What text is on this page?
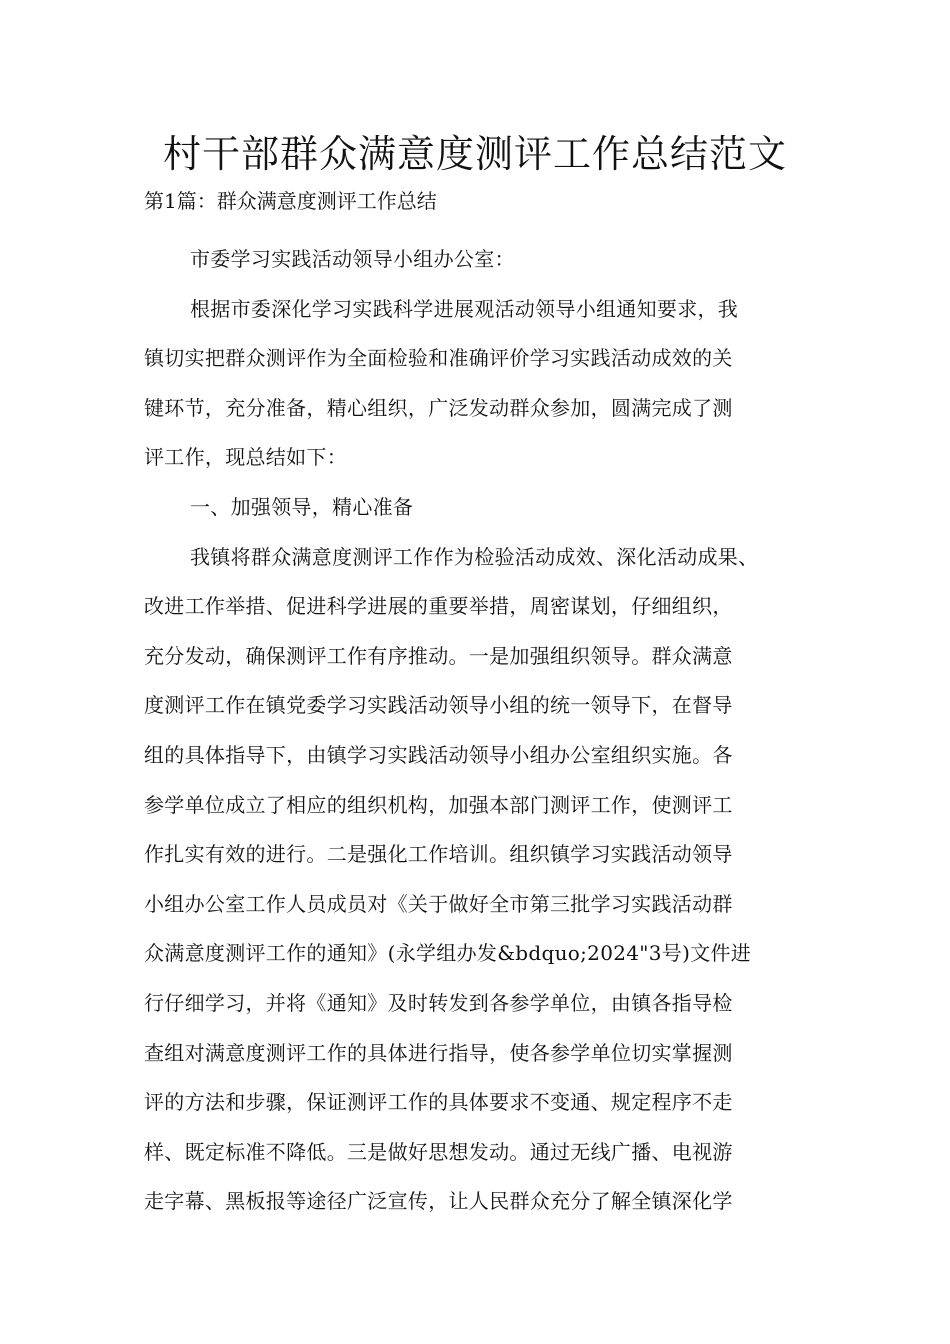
村干部群众满意度测评工作总结范文

第1篇：群众满意度测评工作总结

市委学习实践活动领导小组办公室：
根据市委深化学习实践科学进展观活动领导小组通知要求，我
镇切实把群众测评作为全面检验和准确评价学习实践活动成效的关
键环节，充分准备，精心组织，广泛发动群众参加，圆满完成了测
评工作，现总结如下：
一、加强领导，精心准备
我镇将群众满意度测评工作作为检验活动成效、深化活动成果、
改进工作举措、促进科学进展的重要举措，周密谋划，仔细组织，
充分发动，确保测评工作有序推动。一是加强组织领导。群众满意
度测评工作在镇党委学习实践活动领导小组的统一领导下，在督导
组的具体指导下，由镇学习实践活动领导小组办公室组织实施。各
参学单位成立了相应的组织机构，加强本部门测评工作，使测评工
作扎实有效的进行。二是强化工作培训。组织镇学习实践活动领导
小组办公室工作人员成员对《关于做好全市第三批学习实践活动群
众满意度测评工作的通知》(永学组办发&bdquo;2024"3号)文件进
行仔细学习，并将《通知》及时转发到各参学单位，由镇各指导检
查组对满意度测评工作的具体进行指导，使各参学单位切实掌握测
评的方法和步骤，保证测评工作的具体要求不变通、规定程序不走
样、既定标准不降低。三是做好思想发动。通过无线广播、电视游
走字幕、黑板报等途径广泛宣传，让人民群众充分了解全镇深化学
